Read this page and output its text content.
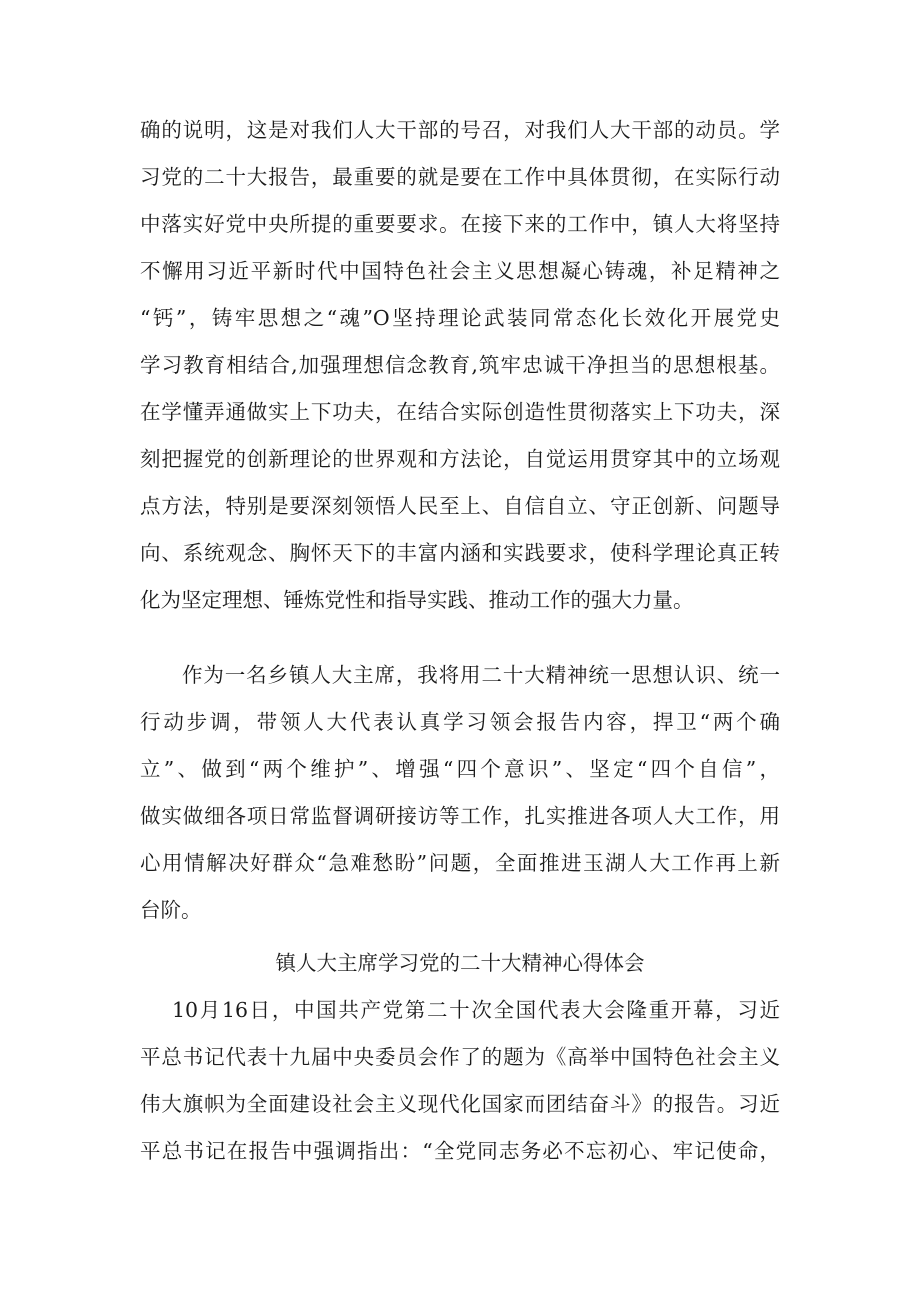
确的说明，这是对我们人大干部的号召，对我们人大干部的动员。学
习党的二十大报告，最重要的就是要在工作中具体贯彻，在实际行动
中落实好党中央所提的重要要求。在接下来的工作中，镇人大将坚持
不懈用习近平新时代中国特色社会主义思想凝心铸魂，补足精神之
“钙”，铸牢思想之“魂”O坚持理论武装同常态化长效化开展党史
学习教育相结合,加强理想信念教育,筑牢忠诚干净担当的思想根基。
在学懂弄通做实上下功夫，在结合实际创造性贯彻落实上下功夫，深
刻把握党的创新理论的世界观和方法论，自觉运用贯穿其中的立场观
点方法，特别是要深刻领悟人民至上、自信自立、守正创新、问题导
向、系统观念、胸怀天下的丰富内涵和实践要求，使科学理论真正转
化为坚定理想、锤炼党性和指导实践、推动工作的强大力量。
作为一名乡镇人大主席，我将用二十大精神统一思想认识、统一
行动步调，带领人大代表认真学习领会报告内容，捍卫“两个确
立”、做到“两个维护”、增强“四个意识”、坚定“四个自信”，
做实做细各项日常监督调研接访等工作，扎实推进各项人大工作，用
心用情解决好群众“急难愁盼”问题，全面推进玉湖人大工作再上新
台阶。
镇人大主席学习党的二十大精神心得体会
10月16日，中国共产党第二十次全国代表大会隆重开幕，习近
平总书记代表十九届中央委员会作了的题为《高举中国特色社会主义
伟大旗帜为全面建设社会主义现代化国家而团结奋斗》的报告。习近
平总书记在报告中强调指出：“全党同志务必不忘初心、牢记使命，
